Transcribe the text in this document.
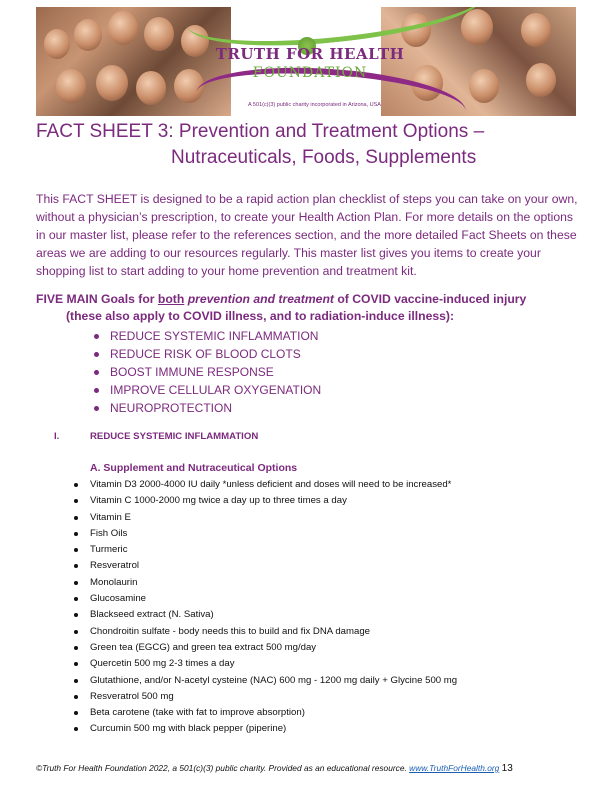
TRUTH FOR HEALTH
FOUNDATION
A 501(c)(3) public charity incorporated in Arizona, USA
FACT SHEET 3: Prevention and Treatment Options –
Nutraceuticals, Foods, Supplements
This FACT SHEET is designed to be a rapid action plan checklist of steps you can take on your own, without a physician’s prescription, to create your Health Action Plan. For more details on the options in our master list, please refer to the references section, and the more detailed Fact Sheets on these areas we are adding to our resources regularly. This master list gives you items to create your shopping list to start adding to your home prevention and treatment kit.
FIVE MAIN Goals for both prevention and treatment of COVID vaccine-induced injury
(these also apply to COVID illness, and to radiation-induce illness):
REDUCE SYSTEMIC INFLAMMATION
REDUCE RISK OF BLOOD CLOTS
BOOST IMMUNE RESPONSE
IMPROVE CELLULAR OXYGENATION
NEUROPROTECTION
I.	REDUCE SYSTEMIC INFLAMMATION
A. Supplement and Nutraceutical Options
Vitamin D3 2000-4000 IU daily *unless deficient and doses will need to be increased*
Vitamin C 1000-2000 mg twice a day up to three times a day
Vitamin E
Fish Oils
Turmeric
Resveratrol
Monolaurin
Glucosamine
Blackseed extract (N. Sativa)
Chondroitin sulfate - body needs this to build and fix DNA damage
Green tea (EGCG) and green tea extract 500 mg/day
Quercetin 500 mg 2-3 times a day
Glutathione, and/or N-acetyl cysteine (NAC) 600 mg - 1200 mg daily + Glycine 500 mg
Resveratrol 500 mg
Beta carotene (take with fat to improve absorption)
Curcumin 500 mg with black pepper (piperine)
©Truth For Health Foundation 2022, a 501(c)(3) public charity. Provided as an educational resource. www.TruthForHealth.org 13
